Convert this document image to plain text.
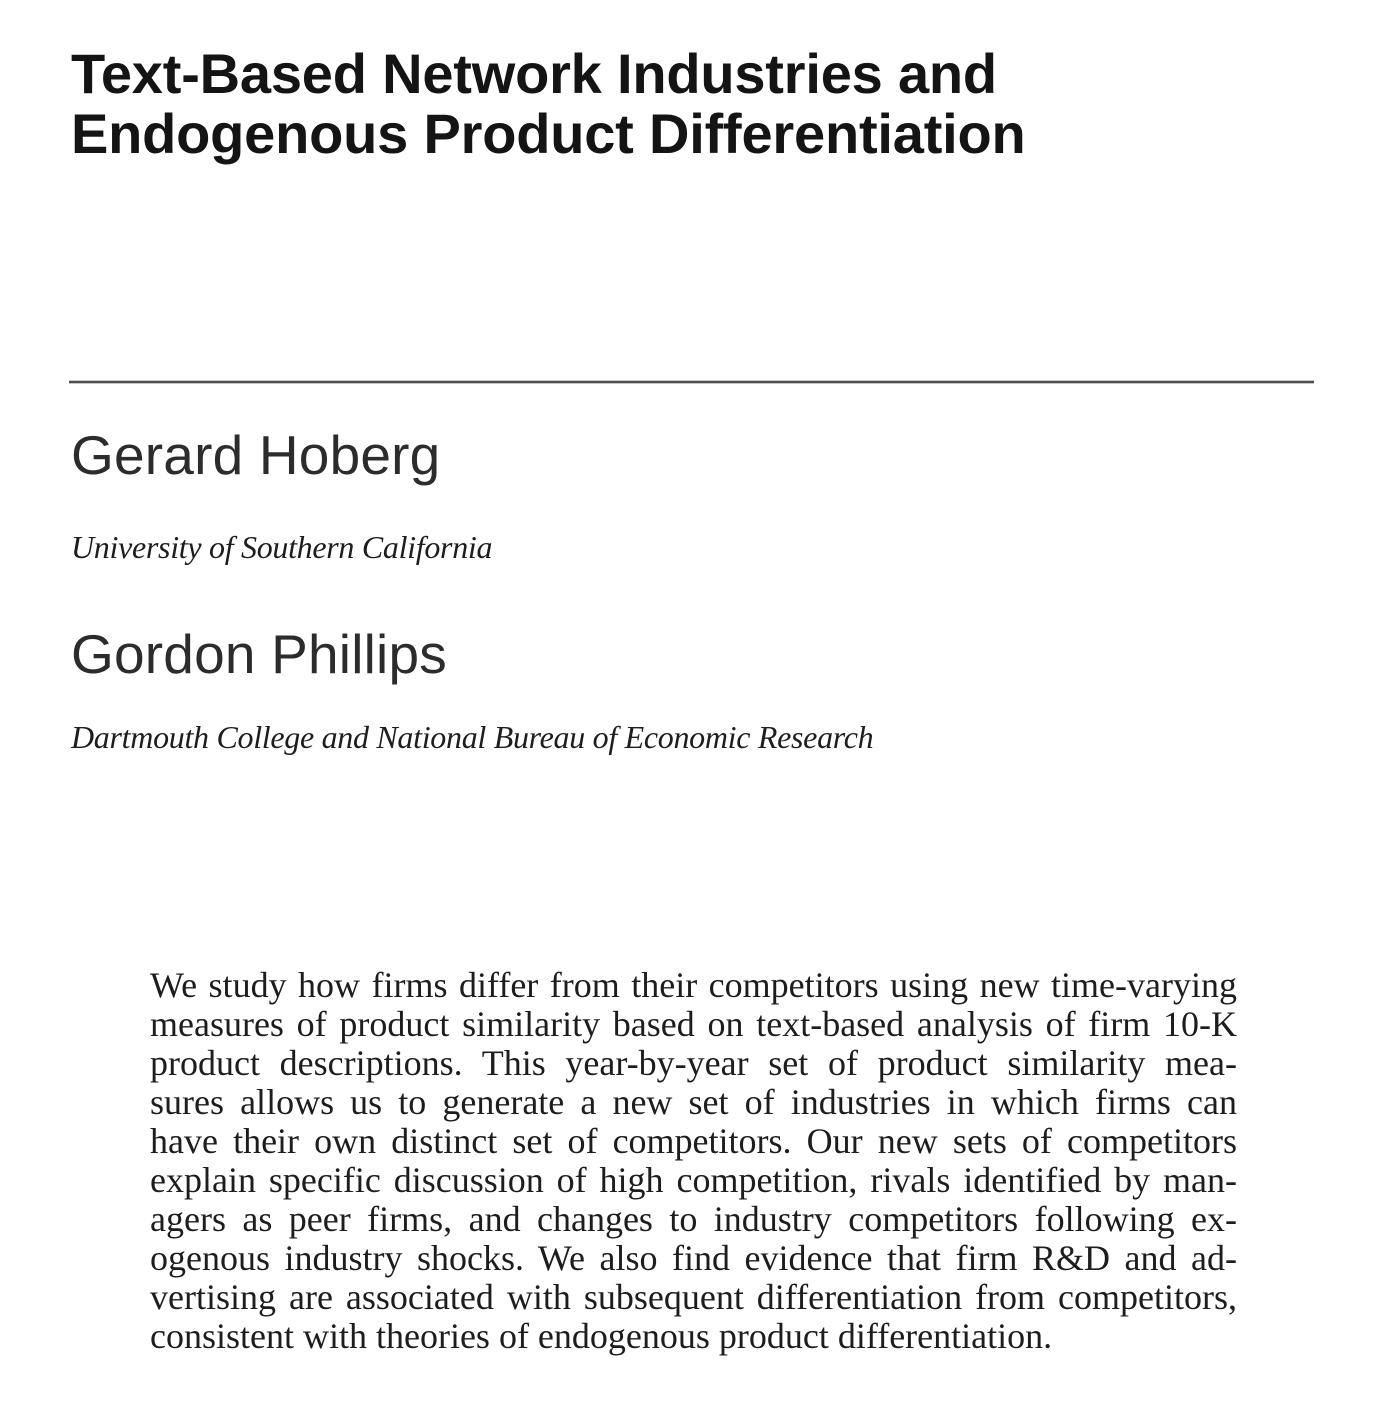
Text-Based Network Industries and
Endogenous Product Differentiation
Gerard Hoberg
University of Southern California
Gordon Phillips
Dartmouth College and National Bureau of Economic Research
We study how firms differ from their competitors using new time-varying
measures of product similarity based on text-based analysis of firm 10-K
product descriptions. This year-by-year set of product similarity mea-
sures allows us to generate a new set of industries in which firms can
have their own distinct set of competitors. Our new sets of competitors
explain specific discussion of high competition, rivals identified by man-
agers as peer firms, and changes to industry competitors following ex-
ogenous industry shocks. We also find evidence that firm R&D and ad-
vertising are associated with subsequent differentiation from competitors,
consistent with theories of endogenous product differentiation.
